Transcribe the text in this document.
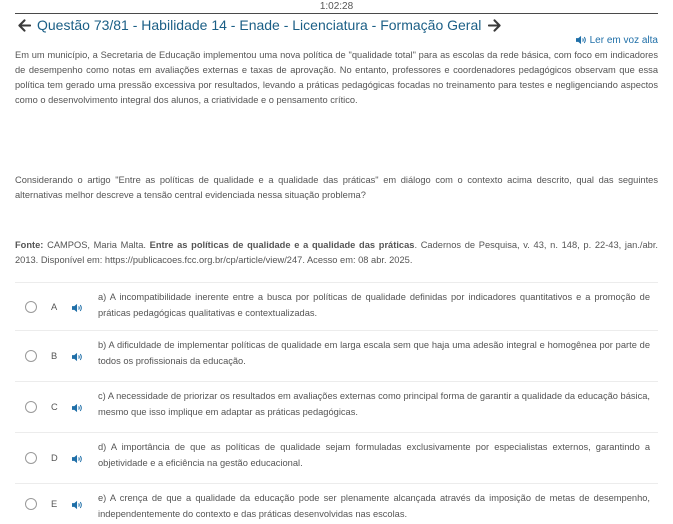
1:02:28
Questão 73/81 - Habilidade 14 - Enade - Licenciatura - Formação Geral
Ler em voz alta

Em um município, a Secretaria de Educação implementou uma nova política de "qualidade total" para as escolas da rede básica, com foco em indicadores de desempenho como notas em avaliações externas e taxas de aprovação. No entanto, professores e coordenadores pedagógicos observam que essa política tem gerado uma pressão excessiva por resultados, levando a práticas pedagógicas focadas no treinamento para testes e negligenciando aspectos como o desenvolvimento integral dos alunos, a criatividade e o pensamento crítico.

Considerando o artigo "Entre as políticas de qualidade e a qualidade das práticas" em diálogo com o contexto acima descrito, qual das seguintes alternativas melhor descreve a tensão central evidenciada nessa situação problema?

Fonte: CAMPOS, Maria Malta. Entre as políticas de qualidade e a qualidade das práticas. Cadernos de Pesquisa, v. 43, n. 148, p. 22-43, jan./abr. 2013. Disponível em: https://publicacoes.fcc.org.br/cp/article/view/247. Acesso em: 08 abr. 2025.

A
a) A incompatibilidade inerente entre a busca por políticas de qualidade definidas por indicadores quantitativos e a promoção de práticas pedagógicas qualitativas e contextualizadas.
B
b) A dificuldade de implementar políticas de qualidade em larga escala sem que haja uma adesão integral e homogênea por parte de todos os profissionais da educação.
C
c) A necessidade de priorizar os resultados em avaliações externas como principal forma de garantir a qualidade da educação básica, mesmo que isso implique em adaptar as práticas pedagógicas.
D
d) A importância de que as políticas de qualidade sejam formuladas exclusivamente por especialistas externos, garantindo a objetividade e a eficiência na gestão educacional.
E
e) A crença de que a qualidade da educação pode ser plenamente alcançada através da imposição de metas de desempenho, independentemente do contexto e das práticas desenvolvidas nas escolas.
